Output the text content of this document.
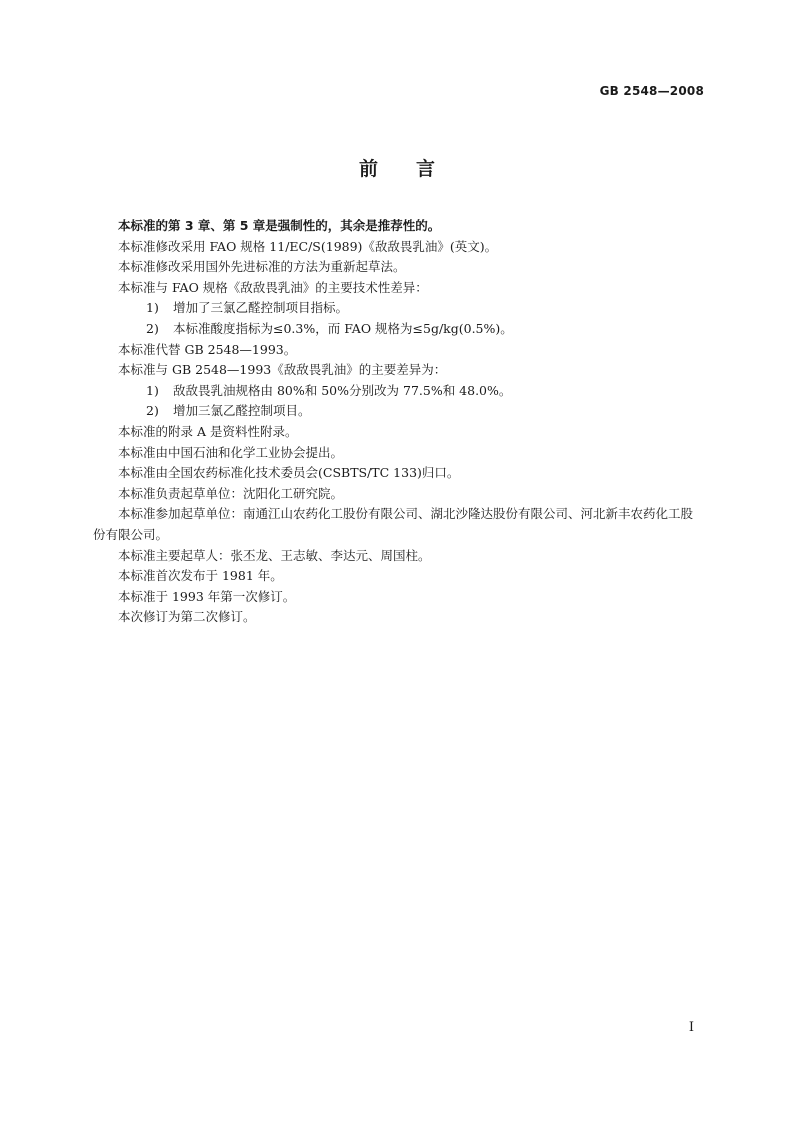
GB 2548—2008
前言

本标准的第 3 章、第 5 章是强制性的，其余是推荐性的。

本标准修改采用 FAO 规格 11/EC/S(1989)《敌敌畏乳油》(英文)。

本标准修改采用国外先进标准的方法为重新起草法。

本标准与 FAO 规格《敌敌畏乳油》的主要技术性差异：

1) 增加了三氯乙醛控制项目指标。

2) 本标准酸度指标为≤0.3%，而 FAO 规格为≤5g/kg(0.5%)。

本标准代替 GB 2548—1993。

本标准与 GB 2548—1993《敌敌畏乳油》的主要差异为：

1) 敌敌畏乳油规格由 80%和 50%分别改为 77.5%和 48.0%。

2) 增加三氯乙醛控制项目。

本标准的附录 A 是资料性附录。

本标准由中国石油和化学工业协会提出。

本标准由全国农药标准化技术委员会(CSBTS/TC 133)归口。

本标准负责起草单位：沈阳化工研究院。

本标准参加起草单位：南通江山农药化工股份有限公司、湖北沙隆达股份有限公司、河北新丰农药化工股份有限公司。

本标准主要起草人：张丕龙、王志敏、李达元、周国柱。

本标准首次发布于 1981 年。

本标准于 1993 年第一次修订。

本次修订为第二次修订。

I
